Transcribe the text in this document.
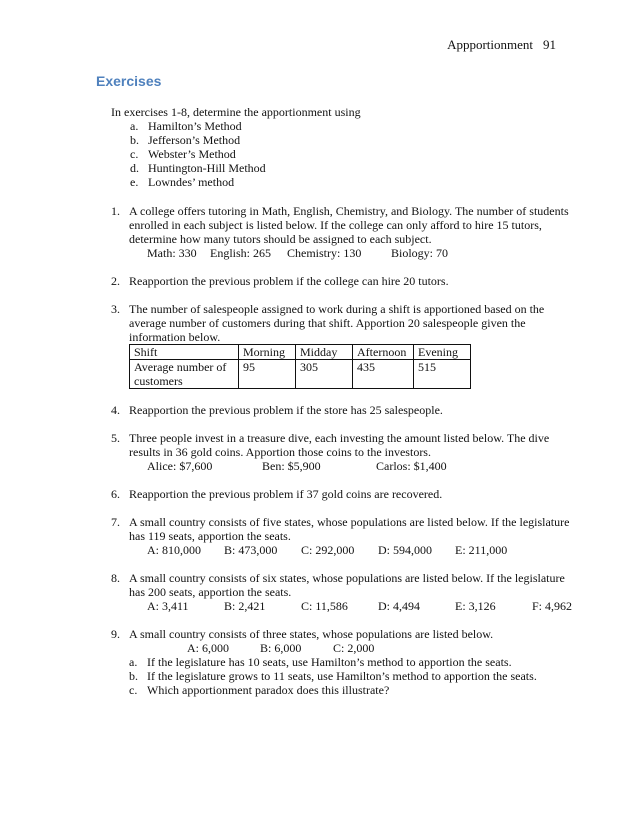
Appportionment 91
Exercises
In exercises 1-8, determine the apportionment using
a. Hamilton’s Method
b. Jefferson’s Method
c. Webster’s Method
d. Huntington-Hill Method
e. Lowndes’ method
1. A college offers tutoring in Math, English, Chemistry, and Biology. The number of students enrolled in each subject is listed below. If the college can only afford to hire 15 tutors, determine how many tutors should be assigned to each subject.
Math: 330 English: 265 Chemistry: 130 Biology: 70
2. Reapportion the previous problem if the college can hire 20 tutors.
3. The number of salespeople assigned to work during a shift is apportioned based on the average number of customers during that shift. Apportion 20 salespeople given the information below.
Shift	Morning	Midday	Afternoon	Evening
Average number of customers	95	305	435	515
4. Reapportion the previous problem if the store has 25 salespeople.
5. Three people invest in a treasure dive, each investing the amount listed below. The dive results in 36 gold coins. Apportion those coins to the investors.
Alice: $7,600	Ben: $5,900	Carlos: $1,400
6. Reapportion the previous problem if 37 gold coins are recovered.
7. A small country consists of five states, whose populations are listed below. If the legislature has 119 seats, apportion the seats.
A: 810,000 B: 473,000 C: 292,000 D: 594,000 E: 211,000
8. A small country consists of six states, whose populations are listed below. If the legislature has 200 seats, apportion the seats.
A: 3,411	B: 2,421	C: 11,586	D: 4,494	E: 3,126	F: 4,962
9. A small country consists of three states, whose populations are listed below.
A: 6,000	B: 6,000	C: 2,000
a. If the legislature has 10 seats, use Hamilton’s method to apportion the seats.
b. If the legislature grows to 11 seats, use Hamilton’s method to apportion the seats.
c. Which apportionment paradox does this illustrate?
